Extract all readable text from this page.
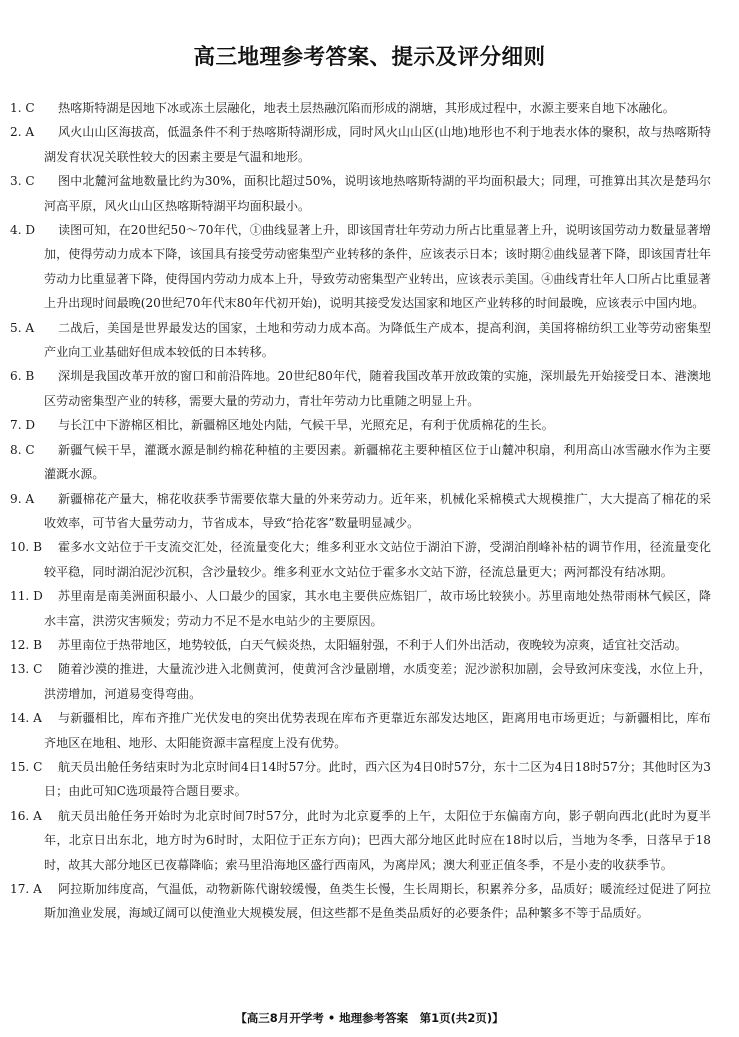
高三地理参考答案、提示及评分细则
1. C	热喀斯特湖是因地下冰或冻土层融化，地表土层热融沉陷而形成的湖塘，其形成过程中，水源主要来自地下冰融化。
2. A	风火山山区海拔高，低温条件不利于热喀斯特湖形成，同时风火山山区(山地)地形也不利于地表水体的聚积，故与热喀斯特湖发育状况关联性较大的因素主要是气温和地形。
3. C	图中北麓河盆地数量比约为30%，面积比超过50%，说明该地热喀斯特湖的平均面积最大；同理，可推算出其次是楚玛尔河高平原，风火山山区热喀斯特湖平均面积最小。
4. D	读图可知，在20世纪50～70年代，①曲线显著上升，即该国青壮年劳动力所占比重显著上升，说明该国劳动力数量显著增加，使得劳动力成本下降，该国具有接受劳动密集型产业转移的条件，应该表示日本；该时期②曲线显著下降，即该国青壮年劳动力比重显著下降，使得国内劳动力成本上升，导致劳动密集型产业转出，应该表示美国。④曲线青壮年人口所占比重显著上升出现时间最晚(20世纪70年代末80年代初开始)，说明其接受发达国家和地区产业转移的时间最晚，应该表示中国内地。
5. A	二战后，美国是世界最发达的国家，土地和劳动力成本高。为降低生产成本，提高利润，美国将棉纺织工业等劳动密集型产业向工业基础好但成本较低的日本转移。
6. B	深圳是我国改革开放的窗口和前沿阵地。20世纪80年代，随着我国改革开放政策的实施，深圳最先开始接受日本、港澳地区劳动密集型产业的转移，需要大量的劳动力，青壮年劳动力比重随之明显上升。
7. D	与长江中下游棉区相比，新疆棉区地处内陆，气候干旱，光照充足，有利于优质棉花的生长。
8. C	新疆气候干旱，灌溉水源是制约棉花种植的主要因素。新疆棉花主要种植区位于山麓冲积扇，利用高山冰雪融水作为主要灌溉水源。
9. A	新疆棉花产量大，棉花收获季节需要依靠大量的外来劳动力。近年来，机械化采棉模式大规模推广，大大提高了棉花的采收效率，可节省大量劳动力，节省成本，导致“拾花客”数量明显减少。
10. B	霍多水文站位于干支流交汇处，径流量变化大；维多利亚水文站位于湖泊下游，受湖泊削峰补枯的调节作用，径流量变化较平稳，同时湖泊泥沙沉积，含沙量较少。维多利亚水文站位于霍多水文站下游，径流总量更大；两河都没有结冰期。
11. D	苏里南是南美洲面积最小、人口最少的国家，其水电主要供应炼铝厂，故市场比较狭小。苏里南地处热带雨林气候区，降水丰富，洪涝灾害频发；劳动力不足不是水电站少的主要原因。
12. B	苏里南位于热带地区，地势较低，白天气候炎热，太阳辐射强，不利于人们外出活动，夜晚较为凉爽，适宜社交活动。
13. C	随着沙漠的推进，大量流沙进入北侧黄河，使黄河含沙量剧增，水质变差；泥沙淤积加剧，会导致河床变浅，水位上升，洪涝增加，河道易变得弯曲。
14. A	与新疆相比，库布齐推广光伏发电的突出优势表现在库布齐更靠近东部发达地区，距离用电市场更近；与新疆相比，库布齐地区在地租、地形、太阳能资源丰富程度上没有优势。
15. C	航天员出舱任务结束时为北京时间4日14时57分。此时，西六区为4日0时57分，东十二区为4日18时57分；其他时区为3日；由此可知C选项最符合题目要求。
16. A	航天员出舱任务开始时为北京时间7时57分，此时为北京夏季的上午，太阳位于东偏南方向，影子朝向西北(此时为夏半年，北京日出东北，地方时为6时时，太阳位于正东方向)；巴西大部分地区此时应在18时以后，当地为冬季，日落早于18时，故其大部分地区已夜幕降临；索马里沿海地区盛行西南风，为离岸风；澳大利亚正值冬季，不是小麦的收获季节。
17. A	阿拉斯加纬度高，气温低，动物新陈代谢较缓慢，鱼类生长慢，生长周期长，积累养分多，品质好；暖流经过促进了阿拉斯加渔业发展，海域辽阔可以使渔业大规模发展，但这些都不是鱼类品质好的必要条件；品种繁多不等于品质好。
【高三8月开学考 • 地理参考答案　第1页(共2页)】
